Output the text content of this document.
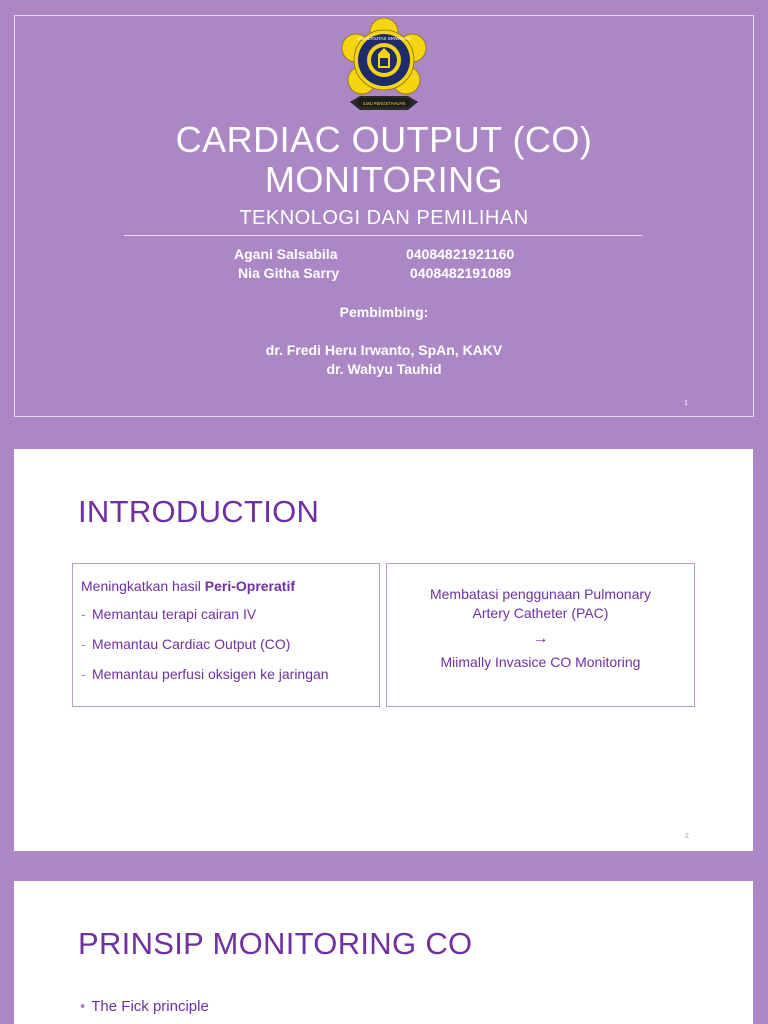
ILMU PENGETAHUAN
UNIVERSITAS SRIWIJAYA
CARDIAC OUTPUT (CO)
MONITORING
TEKNOLOGI DAN PEMILIHAN
Agani Salsabila	04084821921160
Nia Githa Sarry	04084821910​89
Pembimbing:
dr. Fredi Heru Irwanto, SpAn, KAKV
dr. Wahyu Tauhid
1
INTRODUCTION
Meningkatkan hasil Peri-Opreratif
- Memantau terapi cairan IV
- Memantau Cardiac Output (CO)
- Memantau perfusi oksigen ke jaringan
Membatasi penggunaan Pulmonary
Artery Catheter (PAC)
→
Miimally Invasice CO Monitoring
2
PRINSIP MONITORING CO
• The Fick principle
